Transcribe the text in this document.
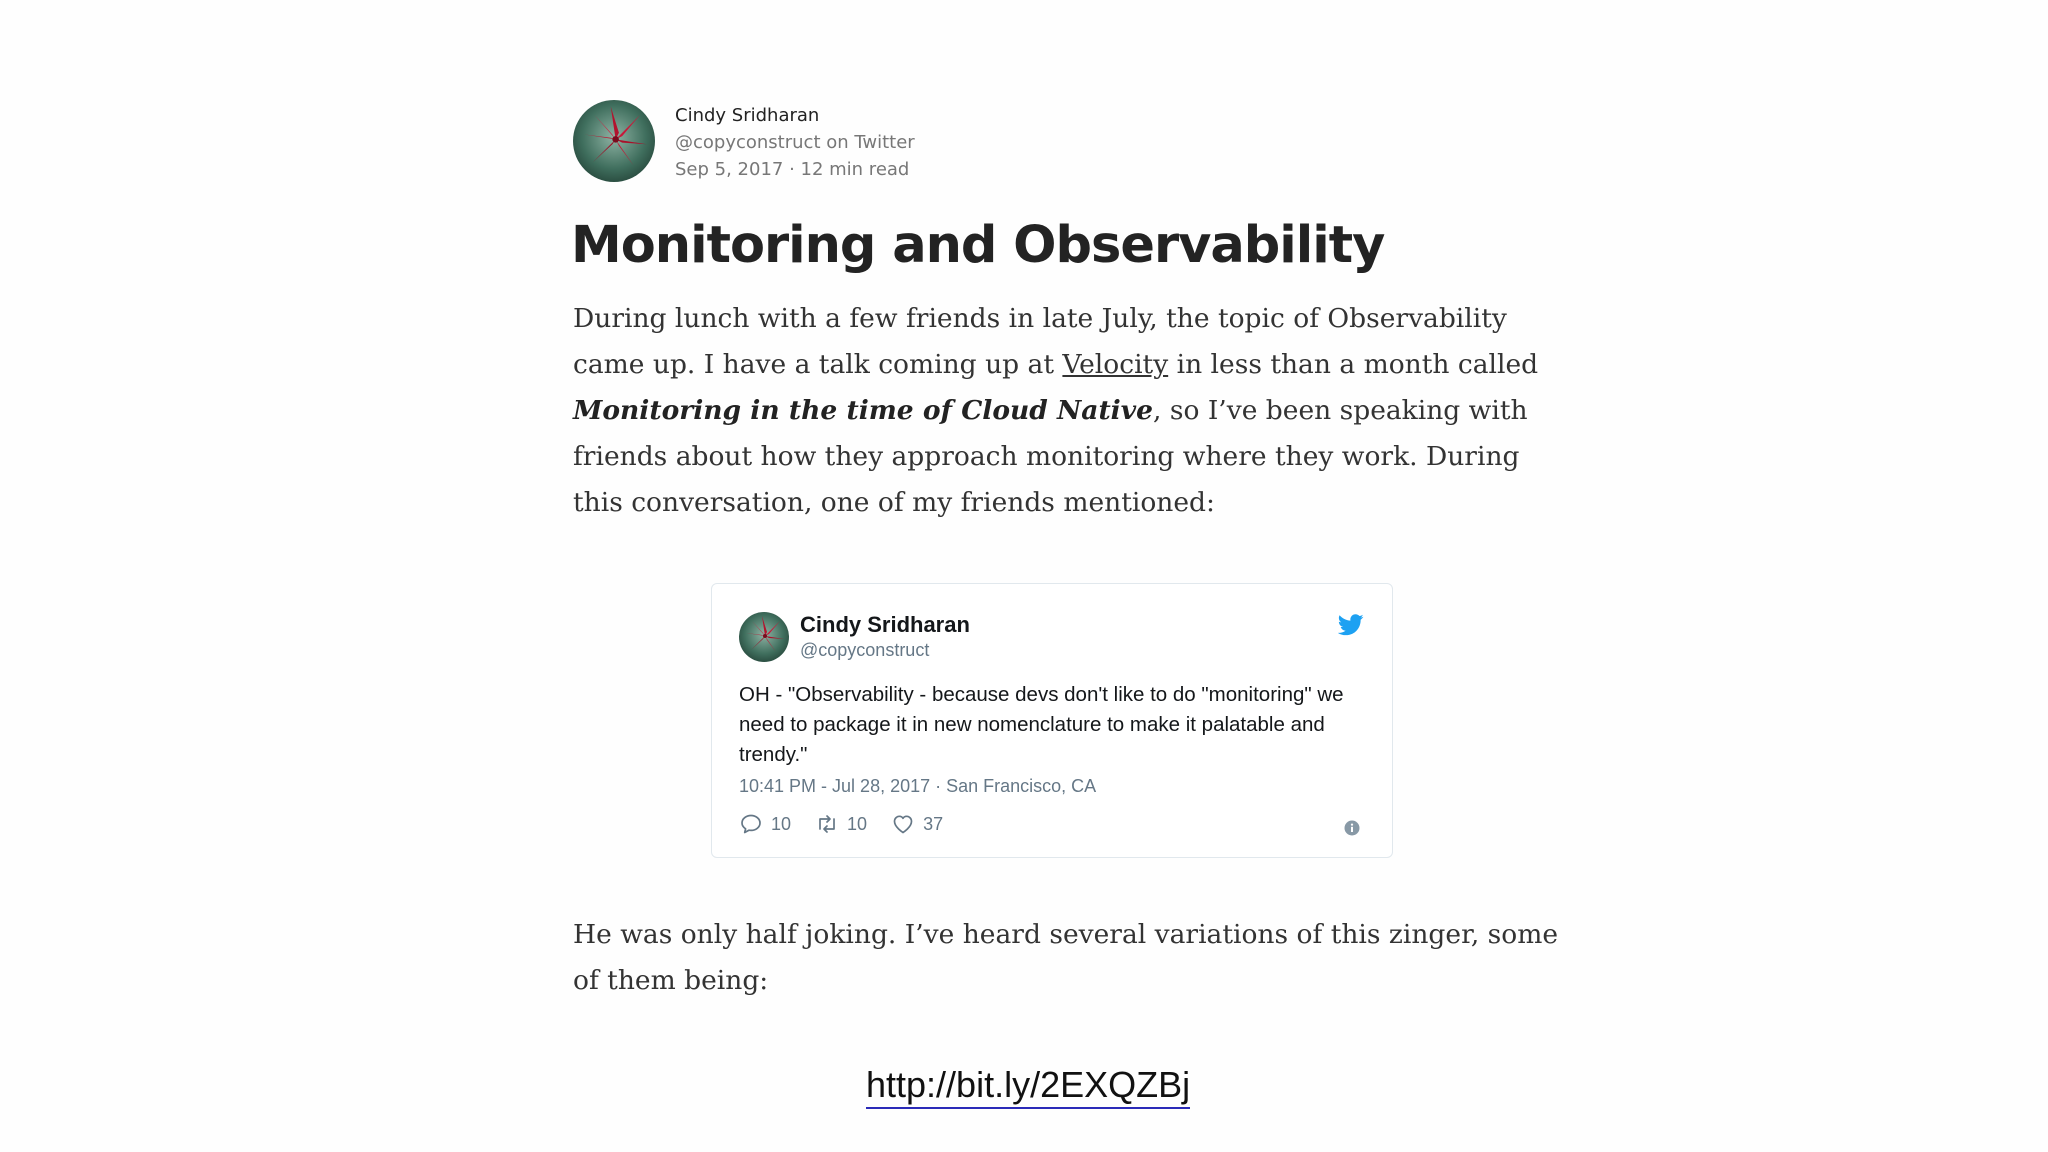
Cindy Sridharan
@copyconstruct on Twitter
Sep 5, 2017 · 12 min read
Monitoring and Observability

During lunch with a few friends in late July, the topic of Observability came up. I have a talk coming up at Velocity in less than a month called Monitoring in the time of Cloud Native, so I’ve been speaking with friends about how they approach monitoring where they work. During this conversation, one of my friends mentioned:

Cindy Sridharan
@copyconstruct

OH - "Observability - because devs don't like to do "monitoring" we need to package it in new nomenclature to make it palatable and trendy."

10:41 PM - Jul 28, 2017 · San Francisco, CA
10	10	37

He was only half joking. I’ve heard several variations of this zinger, some of them being:

http://bit.ly/2EXQZBj
